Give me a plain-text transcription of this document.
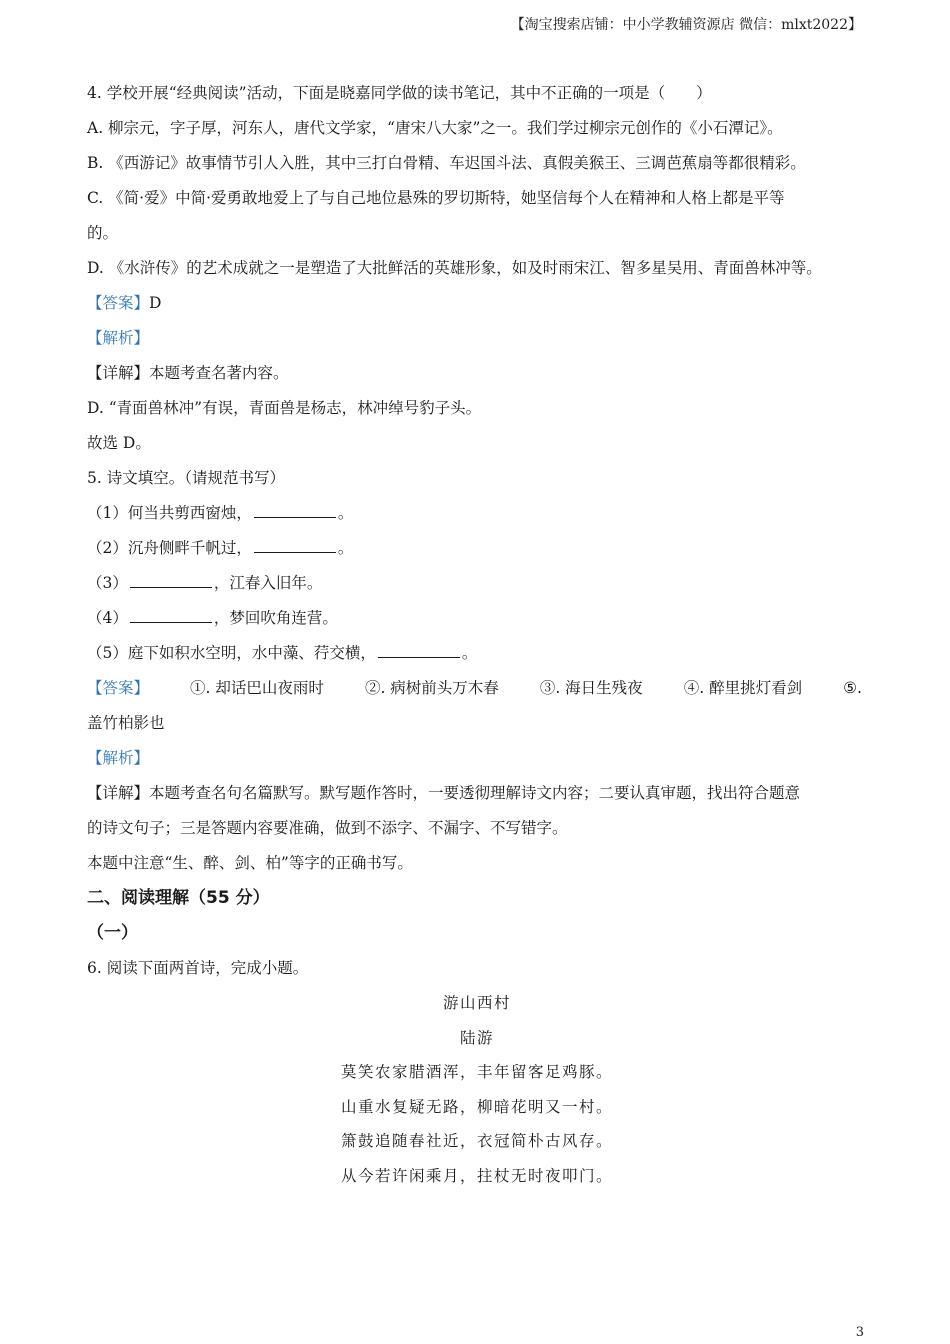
【淘宝搜索店铺：中小学教辅资源店 微信：mlxt2022】
4. 学校开展“经典阅读”活动，下面是晓嘉同学做的读书笔记，其中不正确的一项是（　　）
A. 柳宗元，字子厚，河东人，唐代文学家，“唐宋八大家”之一。我们学过柳宗元创作的《小石潭记》。
B. 《西游记》故事情节引人入胜，其中三打白骨精、车迟国斗法、真假美猴王、三调芭蕉扇等都很精彩。
C. 《简·爱》中简·爱勇敢地爱上了与自己地位悬殊的罗切斯特，她坚信每个人在精神和人格上都是平等
的。
D. 《水浒传》的艺术成就之一是塑造了大批鲜活的英雄形象，如及时雨宋江、智多星吴用、青面兽林冲等。
【答案】D
【解析】
【详解】本题考查名著内容。
D. “青面兽林冲”有误，青面兽是杨志，林冲绰号豹子头。
故选 D。
5. 诗文填空。（请规范书写）
（1）何当共剪西窗烛，	。
（2）沉舟侧畔千帆过，	。
（3）	，江春入旧年。
（4）	，梦回吹角连营。
（5）庭下如积水空明，水中藻、荇交横，	。
【答案】	①. 却话巴山夜雨时	②. 病树前头万木春	③. 海日生残夜	④. 醉里挑灯看剑	⑤.
盖竹柏影也
【解析】
【详解】本题考查名句名篇默写。默写题作答时，一要透彻理解诗文内容；二要认真审题，找出符合题意
的诗文句子；三是答题内容要准确，做到不添字、不漏字、不写错字。
本题中注意“生、醉、剑、柏”等字的正确书写。
二、阅读理解（55 分）
（一）
6. 阅读下面两首诗，完成小题。
游山西村
陆游
莫笑农家腊酒浑，丰年留客足鸡豚。
山重水复疑无路，柳暗花明又一村。
箫鼓追随春社近，衣冠简朴古风存。
从今若许闲乘月，拄杖无时夜叩门。
3
